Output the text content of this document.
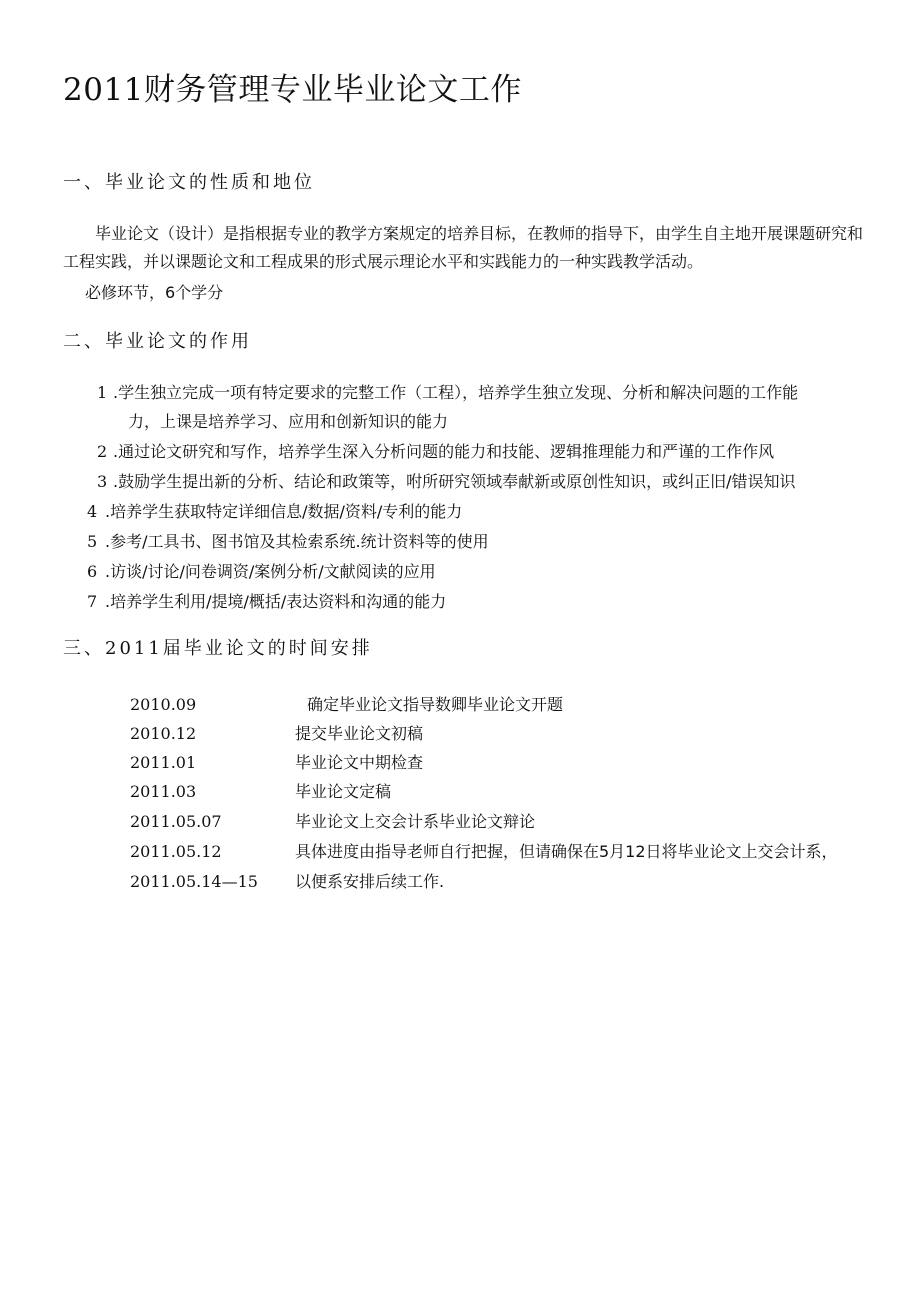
2011财务管理专业毕业论文工作
一、毕业论文的性质和地位
毕业论文（设计）是指根据专业的教学方案规定的培养目标，在教师的指导下，由学生自主地开展课题研究和工程实践，并以课题论文和工程成果的形式展示理论水平和实践能力的一种实践教学活动。
必修环节，6个学分
二、毕业论文的作用
1 .学生独立完成一项有特定要求的完整工作（工程），培养学生独立发现、分析和解决问题的工作能
力，上课是培养学习、应用和创新知识的能力
2 .通过论文研究和写作，培养学生深入分析问题的能力和技能、逻辑推理能力和严谨的工作作风
3 .鼓励学生提出新的分析、结论和政策等，咐所研究领域奉献新或原创性知识，或纠正旧/错误知识
4 .培养学生获取特定详细信息/数据/资料/专利的能力
5 .参考/工具书、图书馆及其检索系统.统计资料等的使用
6 .访谈/讨论/问卷调资/案例分析/文献阅读的应用
7 .培养学生利用/提境/概括/表达资料和沟通的能力
三、2011届毕业论文的时间安排
2010.09	确定毕业论文指导数卿毕业论文开题
2010.12	提交毕业论文初稿
2011.01	毕业论文中期检查
2011.03	毕业论文定稿
2011.05.07	毕业论文上交会计系毕业论文辩论
2011.05.12	具体进度由指导老师自行把握，但请确保在5月12日将毕业论文上交会计系，
2011.05.14—15 以便系安排后续工作.
